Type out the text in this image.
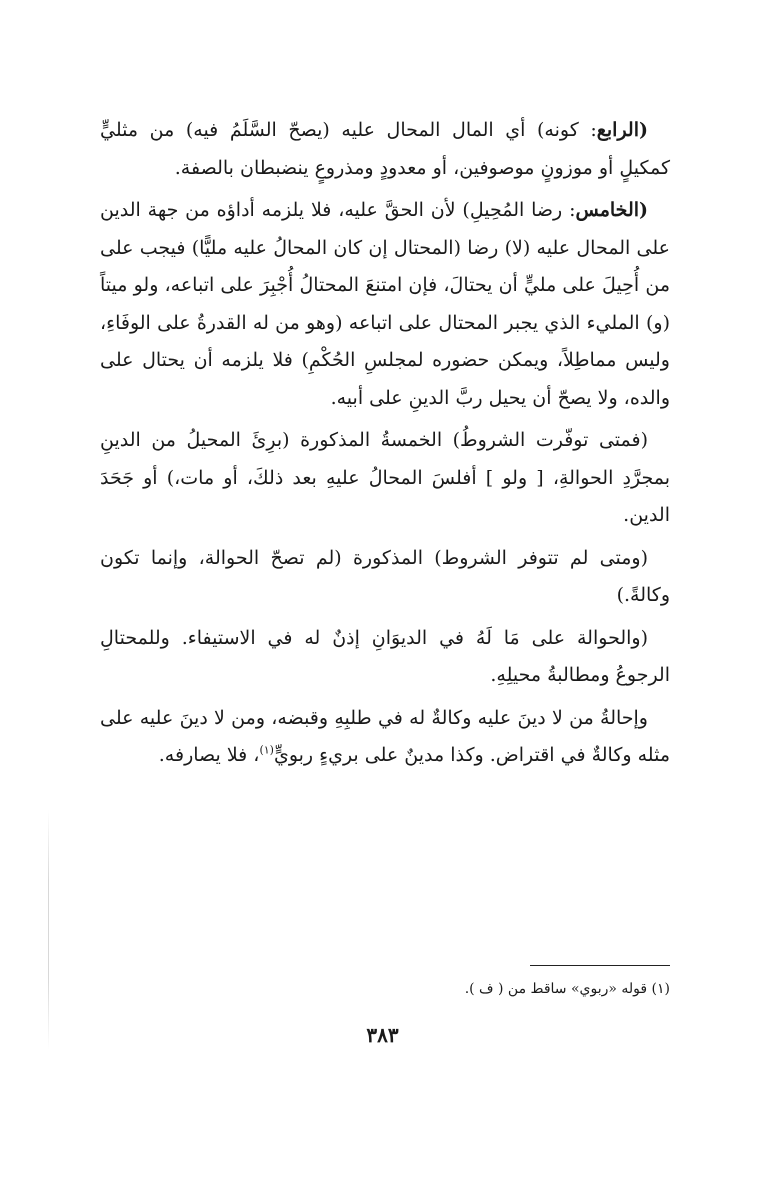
(الرابع: كونه) أي المال المحال عليه (يصحّ السَّلَمُ فيه) من مثليٍّ كمكيلٍ أو موزونٍ موصوفين، أو معدودٍ ومذروعٍ ينضبطان بالصفة.

(الخامس: رضا المُحِيلِ) لأن الحقَّ عليه، فلا يلزمه أداؤه من جهة الدين على المحال عليه (لا) رضا (المحتال إن كان المحالُ عليه مليًّا) فيجب على من أُحِيلَ على مليٍّ أن يحتالَ، فإن امتنعَ المحتالُ أُجْبِرَ على اتباعه، ولو ميتاً (و) المليء الذي يجبر المحتال على اتباعه (وهو من له القدرةُ على الوفَاءِ، وليس مماطِلاً، ويمكن حضوره لمجلسِ الحُكْمِ) فلا يلزمه أن يحتال على والده، ولا يصحّ أن يحيل ربَّ الدينِ على أبيه.

(فمتى توفّرت الشروطُ) الخمسةُ المذكورة (برِئَ المحيلُ من الدينِ بمجرَّدِ الحوالةِ، [ ولو ] أفلسَ المحالُ عليهِ بعد ذلكَ، أو مات،) أو جَحَدَ الدين.

(ومتى لم تتوفر الشروط) المذكورة (لم تصحّ الحوالة، وإنما تكون وكالةً.)

(والحوالة على مَا لَهُ في الديوَانِ إذنٌ له في الاستيفاء. وللمحتالِ الرجوعُ ومطالبةُ محيلِهِ.

وإحالةُ من لا دينَ عليه وكالةٌ له في طلبِهِ وقبضه، ومن لا دينَ عليه على مثله وكالةٌ في اقتراض. وكذا مدينٌ على بريءٍ ربويٍّ$^{(١)}$، فلا يصارفه.

(١) قوله «ربوي» ساقط من ( ف ).
٣٨٣
